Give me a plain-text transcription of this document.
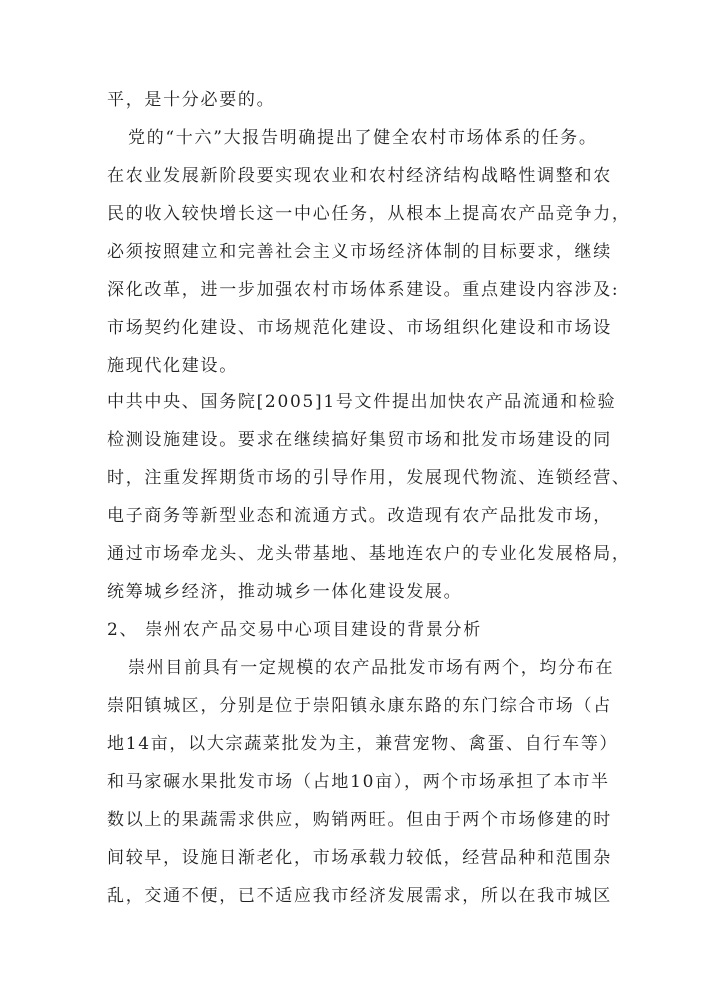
平，是十分必要的。
党的“十六”大报告明确提出了健全农村市场体系的任务。
在农业发展新阶段要实现农业和农村经济结构战略性调整和农
民的收入较快增长这一中心任务，从根本上提高农产品竞争力，
必须按照建立和完善社会主义市场经济体制的目标要求，继续
深化改革，进一步加强农村市场体系建设。重点建设内容涉及:
市场契约化建设、市场规范化建设、市场组织化建设和市场设
施现代化建设。
中共中央、国务院[2005]1号文件提出加快农产品流通和检验
检测设施建设。要求在继续搞好集贸市场和批发市场建设的同
时，注重发挥期货市场的引导作用，发展现代物流、连锁经营、
电子商务等新型业态和流通方式。改造现有农产品批发市场，
通过市场牵龙头、龙头带基地、基地连农户的专业化发展格局，
统筹城乡经济，推动城乡一体化建设发展。
2、 崇州农产品交易中心项目建设的背景分析
崇州目前具有一定规模的农产品批发市场有两个，均分布在
崇阳镇城区，分别是位于崇阳镇永康东路的东门综合市场（占
地14亩，以大宗蔬菜批发为主，兼营宠物、禽蛋、自行车等）
和马家碾水果批发市场（占地10亩），两个市场承担了本市半
数以上的果蔬需求供应，购销两旺。但由于两个市场修建的时
间较早，设施日渐老化，市场承载力较低，经营品种和范围杂
乱，交通不便，已不适应我市经济发展需求，所以在我市城区
